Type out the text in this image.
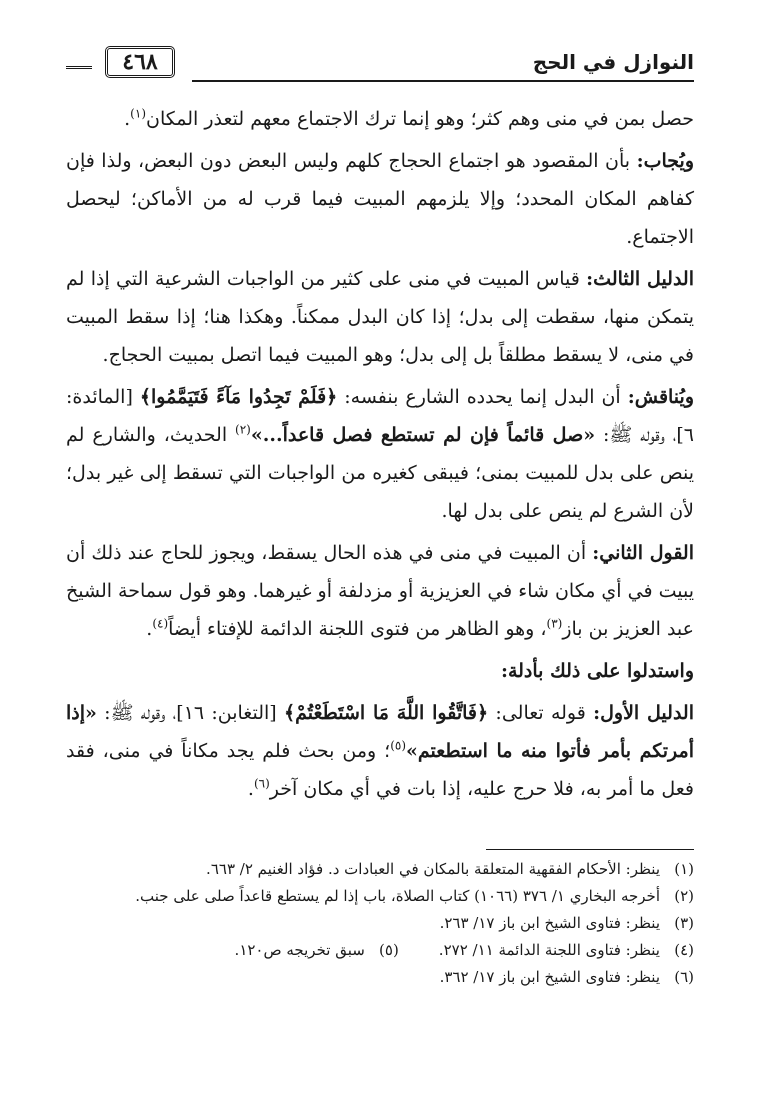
النوازل في الحج
٤٦٨

حصل بمن في منى وهم كثر؛ وهو إنما ترك الاجتماع معهم لتعذر المكان$^{(١)}$.

ويُجاب: بأن المقصود هو اجتماع الحجاج كلهم وليس البعض دون البعض، ولذا فإن كفاهم المكان المحدد؛ وإلا يلزمهم المبيت فيما قرب له من الأماكن؛ ليحصل الاجتماع.

الدليل الثالث: قياس المبيت في منى على كثير من الواجبات الشرعية التي إذا لم يتمكن منها، سقطت إلى بدل؛ إذا كان البدل ممكناً. وهكذا هنا؛ إذا سقط المبيت في منى، لا يسقط مطلقاً بل إلى بدل؛ وهو المبيت فيما اتصل بمبيت الحجاج.

ويُناقش: أن البدل إنما يحدده الشارع بنفسه: ﴿فَلَمْ تَجِدُوا مَآءً فَتَيَمَّمُوا﴾ [المائدة: ٦]، وقوله ﷺ: «صل قائماً فإن لم تستطع فصل قاعداً...»$^{(٢)}$ الحديث، والشارع لم ينص على بدل للمبيت بمنى؛ فيبقى كغيره من الواجبات التي تسقط إلى غير بدل؛ لأن الشرع لم ينص على بدل لها.

القول الثاني: أن المبيت في منى في هذه الحال يسقط، ويجوز للحاج عند ذلك أن يبيت في أي مكان شاء في العزيزية أو مزدلفة أو غيرهما. وهو قول سماحة الشيخ عبد العزيز بن باز$^{(٣)}$، وهو الظاهر من فتوى اللجنة الدائمة للإفتاء أيضاً$^{(٤)}$.

واستدلوا على ذلك بأدلة:

الدليل الأول: قوله تعالى: ﴿فَاتَّقُوا اللَّهَ مَا اسْتَطَعْتُمْ﴾ [التغابن: ١٦]، وقوله ﷺ: «إذا أمرتكم بأمر فأتوا منه ما استطعتم»$^{(٥)}$؛ ومن بحث فلم يجد مكاناً في منى، فقد فعل ما أمر به، فلا حرج عليه، إذا بات في أي مكان آخر$^{(٦)}$.

(١)
ينظر: الأحكام الفقهية المتعلقة بالمكان في العبادات د. فؤاد الغنيم ٢/ ٦٦٣.
(٢)
أخرجه البخاري ١/ ٣٧٦ (١٠٦٦) كتاب الصلاة، باب إذا لم يستطع قاعداً صلى على جنب.
(٣)
ينظر: فتاوى الشيخ ابن باز ١٧/ ٢٦٣.
(٤)
ينظر: فتاوى اللجنة الدائمة ١١/ ٢٧٢.
(٥)
سبق تخريجه ص١٢٠.
(٦)
ينظر: فتاوى الشيخ ابن باز ١٧/ ٣٦٢.
